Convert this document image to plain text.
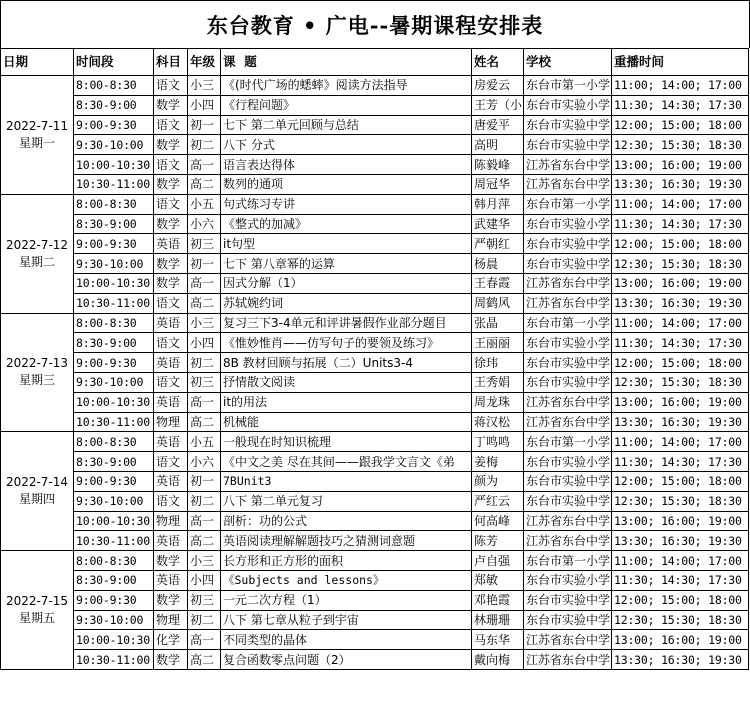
东台教育 • 广电--暑期课程安排表
日期	时间段	科目	年级	课  题	姓名	学校	重播时间

2022-7-11
星期一	8:00-8:30	语文	小三	《(时代广场的蟋蟀》阅读方法指导	房爱云	东台市第一小学	11:00; 14:00; 17:00
	8:30-9:00	数学	小四	《行程问题》	王芳（小	东台市实验小学	11:30; 14:30; 17:30
	9:00-9:30	语文	初一	七下 第二单元回顾与总结	唐爱平	东台市实验中学	12:00; 15:00; 18:00
	9:30-10:00	数学	初二	八下 分式	高明	东台市实验中学	12:30; 15:30; 18:30
	10:00-10:30	语文	高一	语言表达得体	陈毅峰	江苏省东台中学	13:00; 16:00; 19:00
	10:30-11:00	数学	高二	数列的通项	周冠华	江苏省东台中学	13:30; 16:30; 19:30

2022-7-12
星期二	8:00-8:30	语文	小五	句式练习专讲	韩月萍	东台市第一小学	11:00; 14:00; 17:00
	8:30-9:00	数学	小六	《整式的加减》	武建华	东台市实验小学	11:30; 14:30; 17:30
	9:00-9:30	英语	初三	it句型	严朝红	东台市实验中学	12:00; 15:00; 18:00
	9:30-10:00	数学	初一	七下 第八章幂的运算	杨晨	东台市实验中学	12:30; 15:30; 18:30
	10:00-10:30	数学	高一	因式分解（1）	王春霞	江苏省东台中学	13:00; 16:00; 19:00
	10:30-11:00	语文	高二	苏轼婉约词	周鹤风	江苏省东台中学	13:30; 16:30; 19:30

2022-7-13
星期三	8:00-8:30	英语	小三	复习三下3-4单元和评讲暑假作业部分题目	张晶	东台市第一小学	11:00; 14:00; 17:00
	8:30-9:00	语文	小四	《惟妙惟肖——仿写句子的要领及练习》	王丽丽	东台市实验小学	11:30; 14:30; 17:30
	9:00-9:30	英语	初二	8B 教材回顾与拓展（二）Units3-4	徐玮	东台市实验中学	12:00; 15:00; 18:00
	9:30-10:00	语文	初三	抒情散文阅读	王秀娟	东台市实验中学	12:30; 15:30; 18:30
	10:00-10:30	英语	高一	it的用法	周龙珠	江苏省东台中学	13:00; 16:00; 19:00
	10:30-11:00	物理	高二	机械能	蒋汉松	江苏省东台中学	13:30; 16:30; 19:30

2022-7-14
星期四	8:00-8:30	英语	小五	一般现在时知识梳理	丁鸣鸣	东台市第一小学	11:00; 14:00; 17:00
	8:30-9:00	语文	小六	《中文之美 尽在其间——跟我学文言文《弟	姜梅	东台市实验小学	11:30; 14:30; 17:30
	9:00-9:30	英语	初一	7BUnit3	颜为	东台市实验中学	12:00; 15:00; 18:00
	9:30-10:00	语文	初二	八下 第二单元复习	严红云	东台市实验中学	12:30; 15:30; 18:30
	10:00-10:30	物理	高一	剖析：功的公式	何高峰	江苏省东台中学	13:00; 16:00; 19:00
	10:30-11:00	英语	高二	英语阅读理解解题技巧之猜测词意题	陈芳	江苏省东台中学	13:30; 16:30; 19:30

2022-7-15
星期五	8:00-8:30	数学	小三	长方形和正方形的面积	卢自强	东台市第一小学	11:00; 14:00; 17:00
	8:30-9:00	英语	小四	《Subjects and lessons》	郑敏	东台市实验小学	11:30; 14:30; 17:30
	9:00-9:30	数学	初三	一元二次方程（1）	邓艳霞	东台市实验中学	12:00; 15:00; 18:00
	9:30-10:00	物理	初二	八下 第七章从粒子到宇宙	林珊珊	东台市实验中学	12:30; 15:30; 18:30
	10:00-10:30	化学	高一	不同类型的晶体	马东华	江苏省东台中学	13:00; 16:00; 19:00
	10:30-11:00	数学	高二	复合函数零点问题（2）	戴向梅	江苏省东台中学	13:30; 16:30; 19:30
